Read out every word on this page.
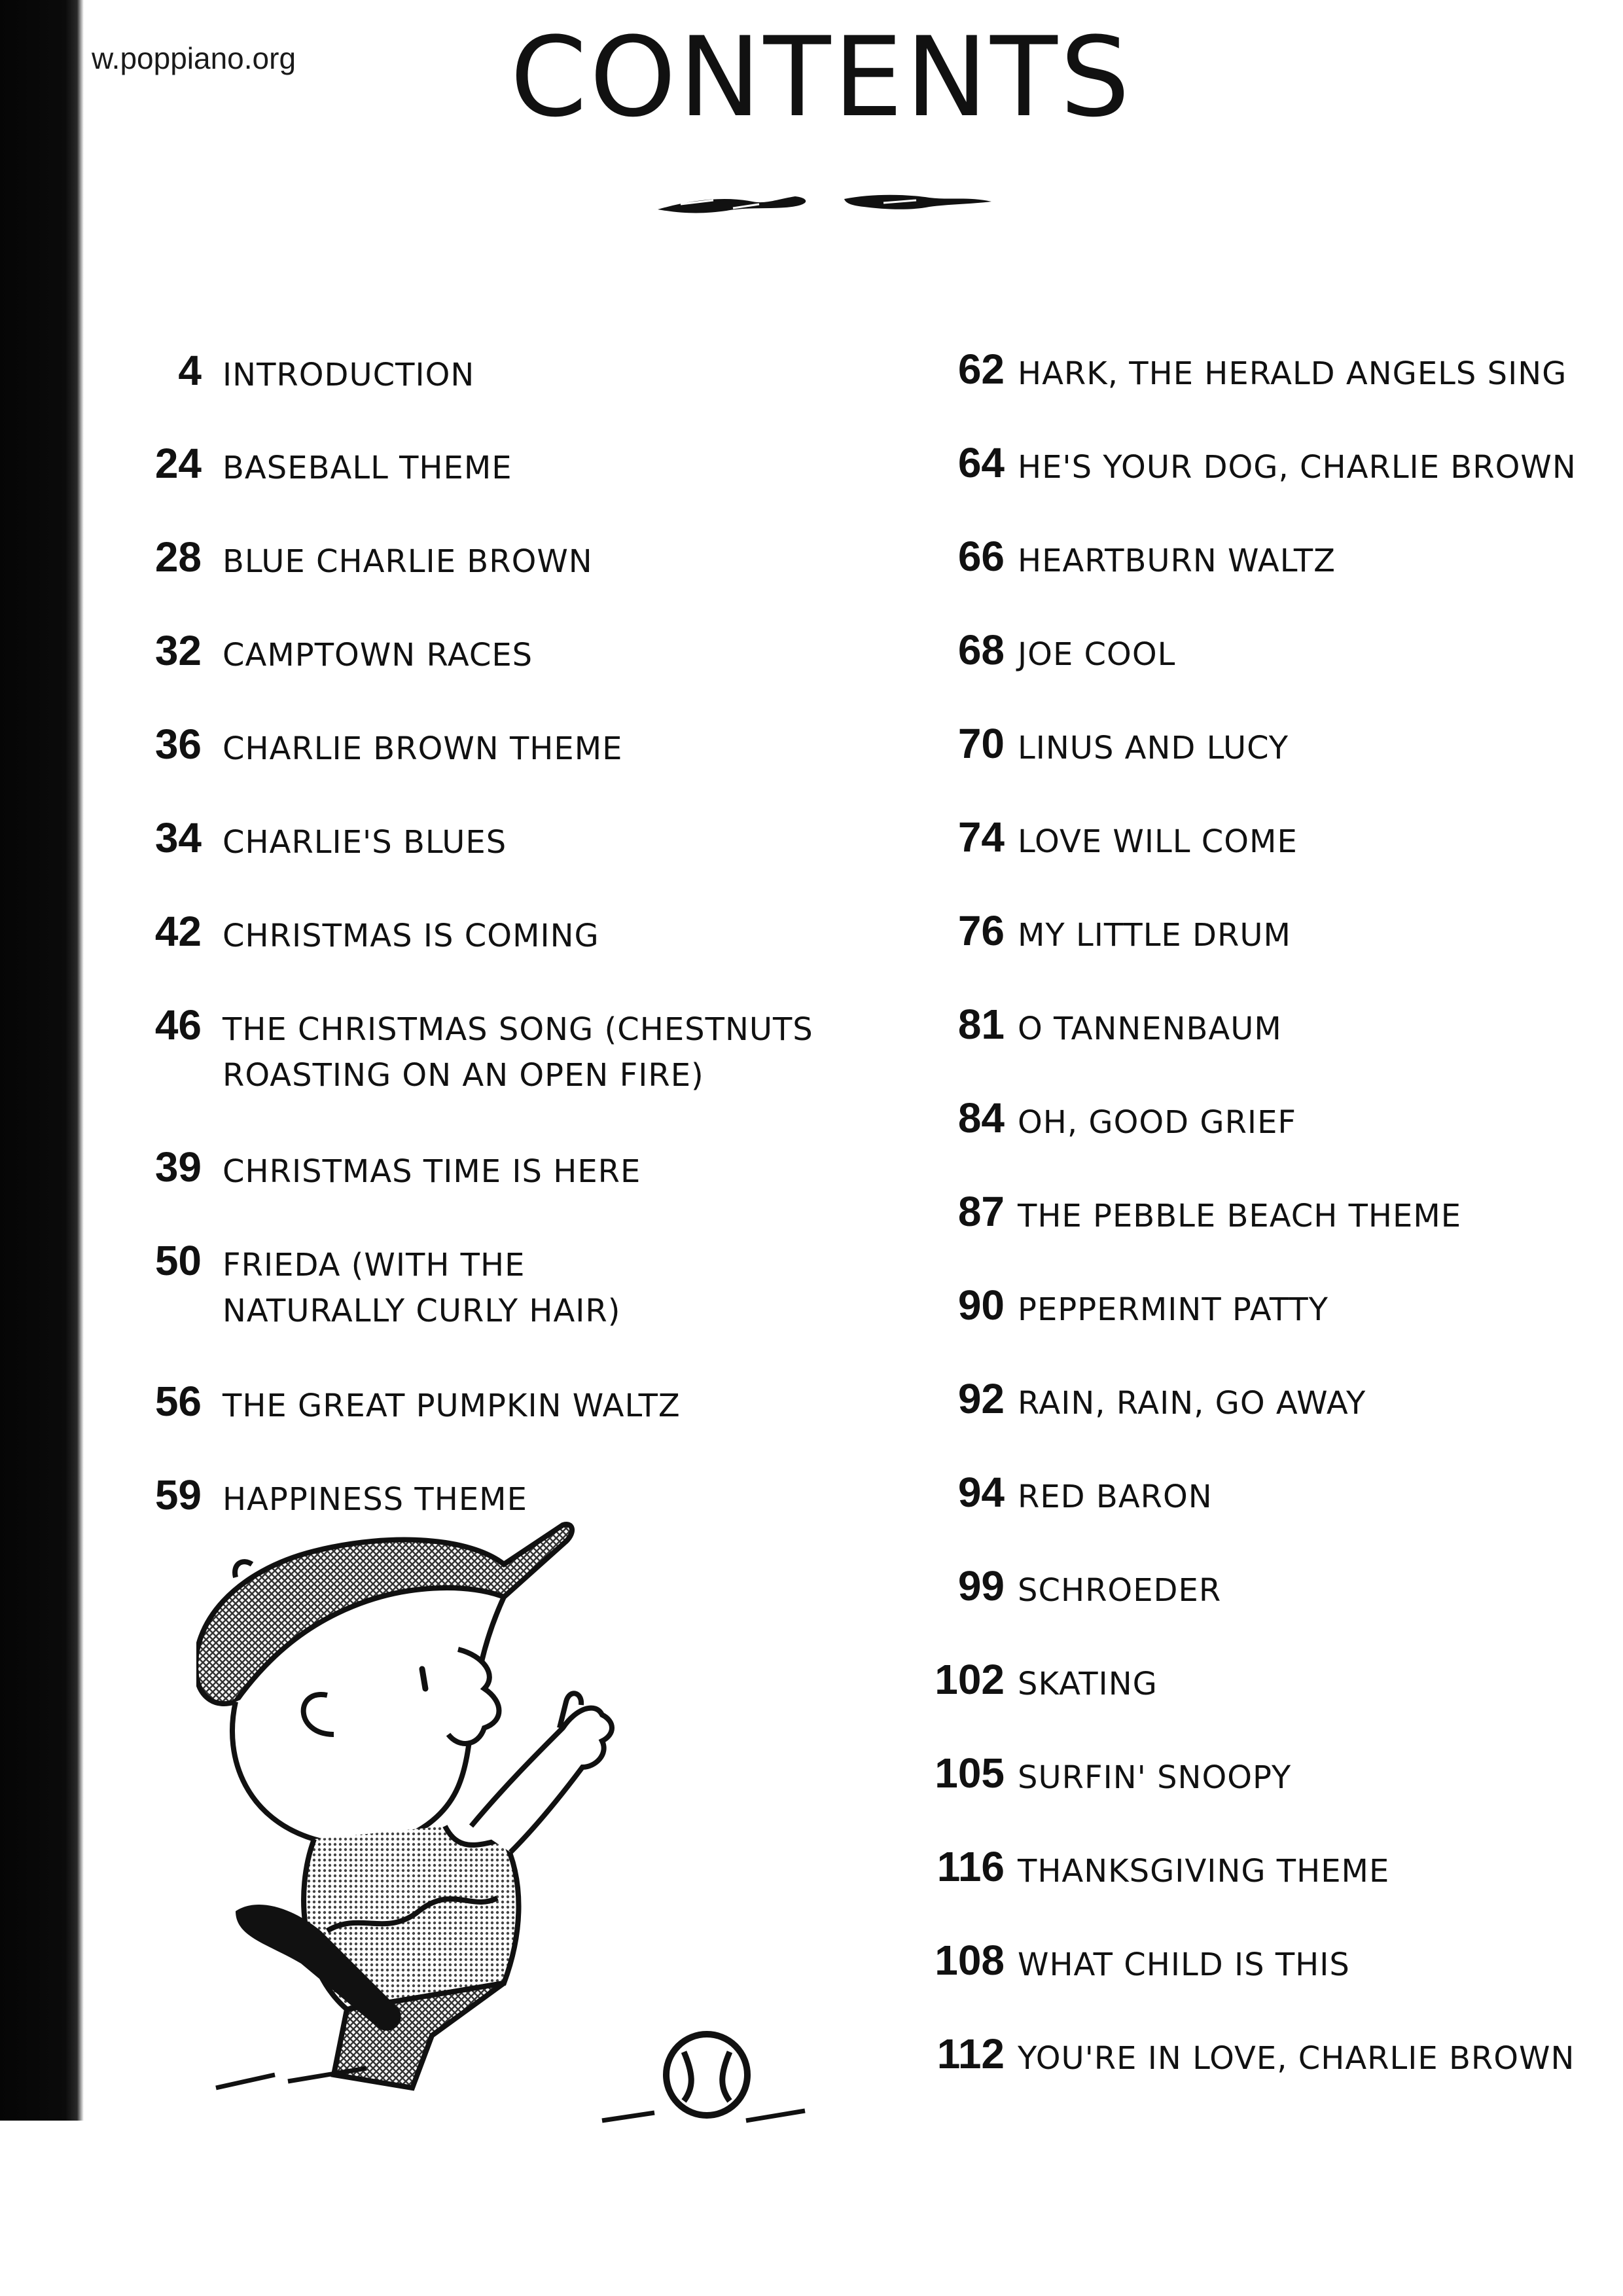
w.poppiano.org	CONTENTS
4 INTRODUCTION
24 BASEBALL THEME
28 BLUE CHARLIE BROWN
32 CAMPTOWN RACES
36 CHARLIE BROWN THEME
34 CHARLIE'S BLUES
42 CHRISTMAS IS COMING
46 THE CHRISTMAS SONG (CHESTNUTS
ROASTING ON AN OPEN FIRE)
39 CHRISTMAS TIME IS HERE
50 FRIEDA (WITH THE
NATURALLY CURLY HAIR)
56 THE GREAT PUMPKIN WALTZ
59 HAPPINESS THEME
62 HARK, THE HERALD ANGELS SING
64 HE'S YOUR DOG, CHARLIE BROWN
66 HEARTBURN WALTZ
68 JOE COOL
70 LINUS AND LUCY
74 LOVE WILL COME
76 MY LITTLE DRUM
81 O TANNENBAUM
84 OH, GOOD GRIEF
87 THE PEBBLE BEACH THEME
90 PEPPERMINT PATTY
92 RAIN, RAIN, GO AWAY
94 RED BARON
99 SCHROEDER
102 SKATING
105 SURFIN' SNOOPY
116 THANKSGIVING THEME
108 WHAT CHILD IS THIS
112 YOU'RE IN LOVE, CHARLIE BROWN
